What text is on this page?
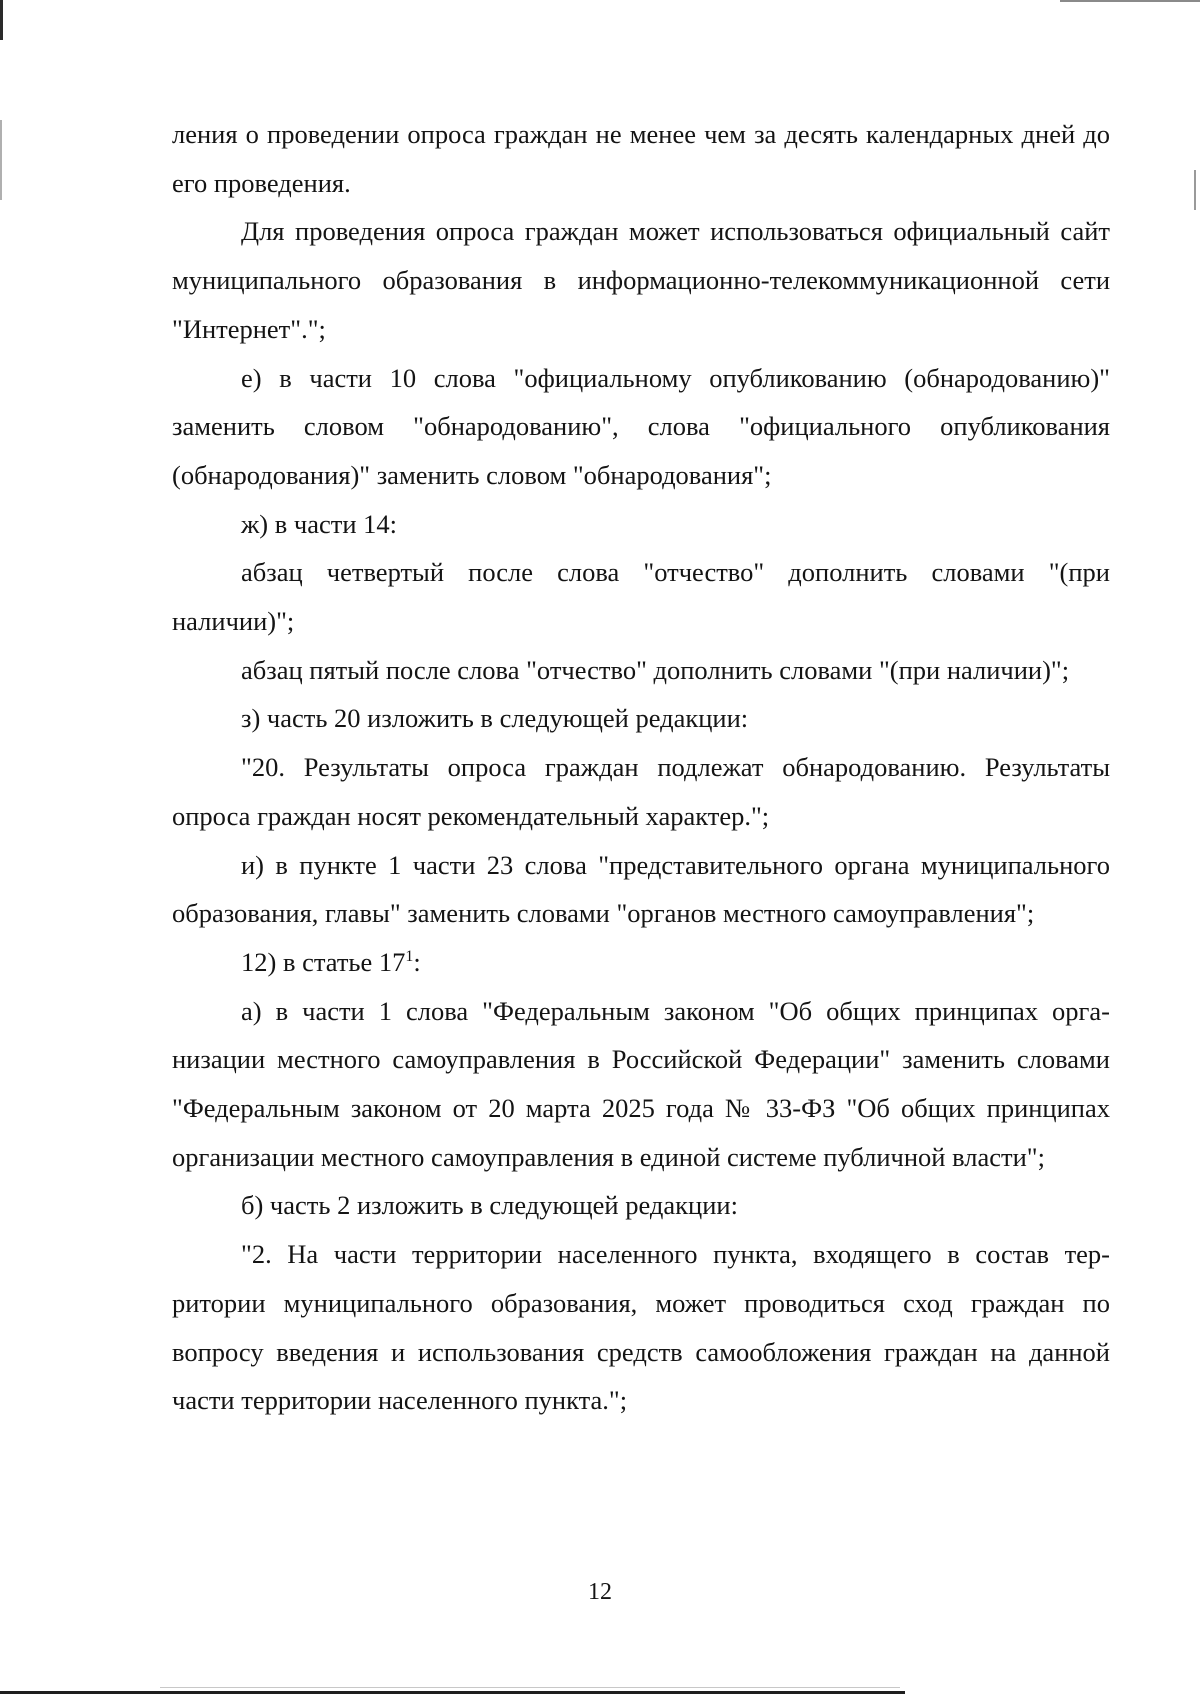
ления о проведении опроса граждан не менее чем за десять календарных дней до его проведения.

Для проведения опроса граждан может использоваться официальный сайт муниципального образования в информационно-телекоммуникационной сети "Интернет".";

е) в части 10 слова "официальному опубликованию (обнародованию)" заменить словом "обнародованию", слова "официального опубликования (обнародования)" заменить словом "обнародования";

ж) в части 14:

абзац четвертый после слова "отчество" дополнить словами "(при наличии)";

абзац пятый после слова "отчество" дополнить словами "(при наличии)";

з) часть 20 изложить в следующей редакции:

"20. Результаты опроса граждан подлежат обнародованию. Результаты опроса граждан носят рекомендательный характер.";

и) в пункте 1 части 23 слова "представительного органа муниципального образования, главы" заменить словами "органов местного самоуправления";

12) в статье $17^1$:

а) в части 1 слова "Федеральным законом "Об общих принципах организации местного самоуправления в Российской Федерации" заменить словами "Федеральным законом от 20 марта 2025 года № 33-ФЗ "Об общих принципах организации местного самоуправления в единой системе публичной власти";

б) часть 2 изложить в следующей редакции:

"2. На части территории населенного пункта, входящего в состав территории муниципального образования, может проводиться сход граждан по вопросу введения и использования средств самообложения граждан на данной части территории населенного пункта.";

12
